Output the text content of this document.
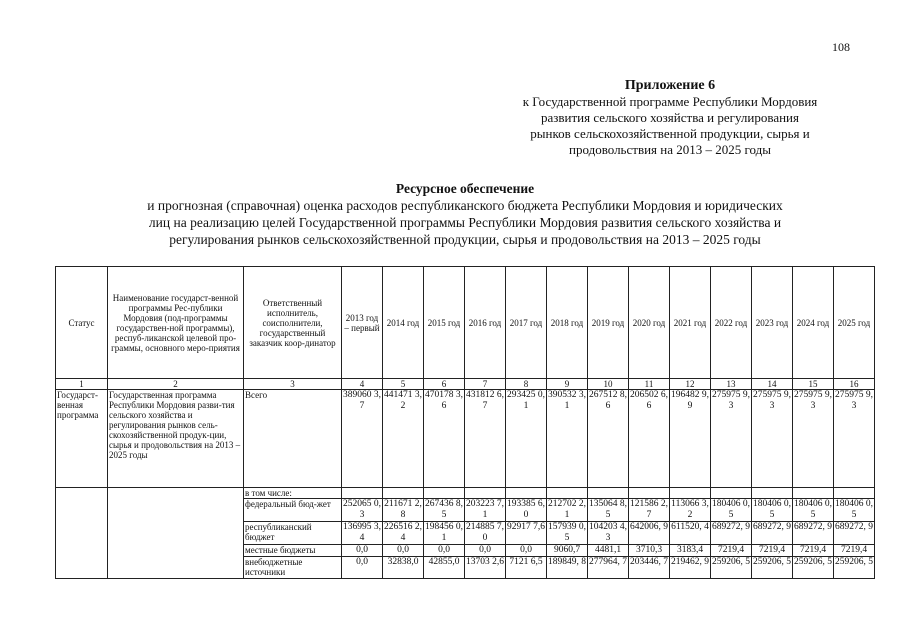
108
Приложение 6
к Государственной программе Республики Мордовия
развития сельского хозяйства и регулирования
рынков сельскохозяйственной продукции, сырья и
продовольствия на 2013 – 2025 годы
Ресурсное обеспечение
и прогнозная (справочная) оценка расходов республиканского бюджета Республики Мордовия и юридических
лиц на реализацию целей Государственной программы Республики Мордовия развития сельского хозяйства и
регулирования рынков сельскохозяйственной продукции, сырья и продовольствия на 2013 – 2025 годы
Статус	Наименование государст-венной программы Рес-публики Мордовия (под-программы государствен-ной программы), респуб-ликанской целевой про-граммы, основного меро-приятия	Ответственный исполнитель, соисполнители, государственный заказчик коор-динатор	2013 год – первый	2014 год	2015 год	2016 год	2017 год	2018 год	2019 год	2020 год	2021 год	2022 год	2023 год	2024 год	2025 год
1	2	3	4	5	6	7	8	9	10	11	12	13	14	15	16
Государст-венная программа	Государственная программа Республики Мордовия разви-тия сельского хозяйства и регулирования рынков сель-скохозяйственной продук-ции, сырья и продовольствия на 2013 – 2025 годы	Всего	389060 3,7	441471 3,2	470178 3,6	431812 6,7	293425 0,1	390532 3,1	267512 8,6	206502 6,6	196482 9,9	275975 9,3	275975 9,3	275975 9,3	275975 9,3
		в том числе:													
		федеральный бюд-жет	252065 0,3	211671 2,8	267436 8,5	203223 7,1	193385 6,0	212702 2,1	135064 8,5	121586 2,7	113066 3,2	180406 0,5	180406 0,5	180406 0,5	180406 0,5
		республиканский бюджет	136995 3,4	226516 2,4	198456 0,1	214885 7,0	92917 7,6	157939 0,5	104203 4,3	642006, 9	611520, 4	689272, 9	689272, 9	689272, 9	689272, 9
		местные бюджеты	0,0	0,0	0,0	0,0	0,0	9060,7	4481,1	3710,3	3183,4	7219,4	7219,4	7219,4	7219,4
		внебюджетные источники	0,0	32838,0	42855,0	13703 2,6	7121 6,5	189849, 8	277964, 7	203446, 7	219462, 9	259206, 5	259206, 5	259206, 5	259206, 5
